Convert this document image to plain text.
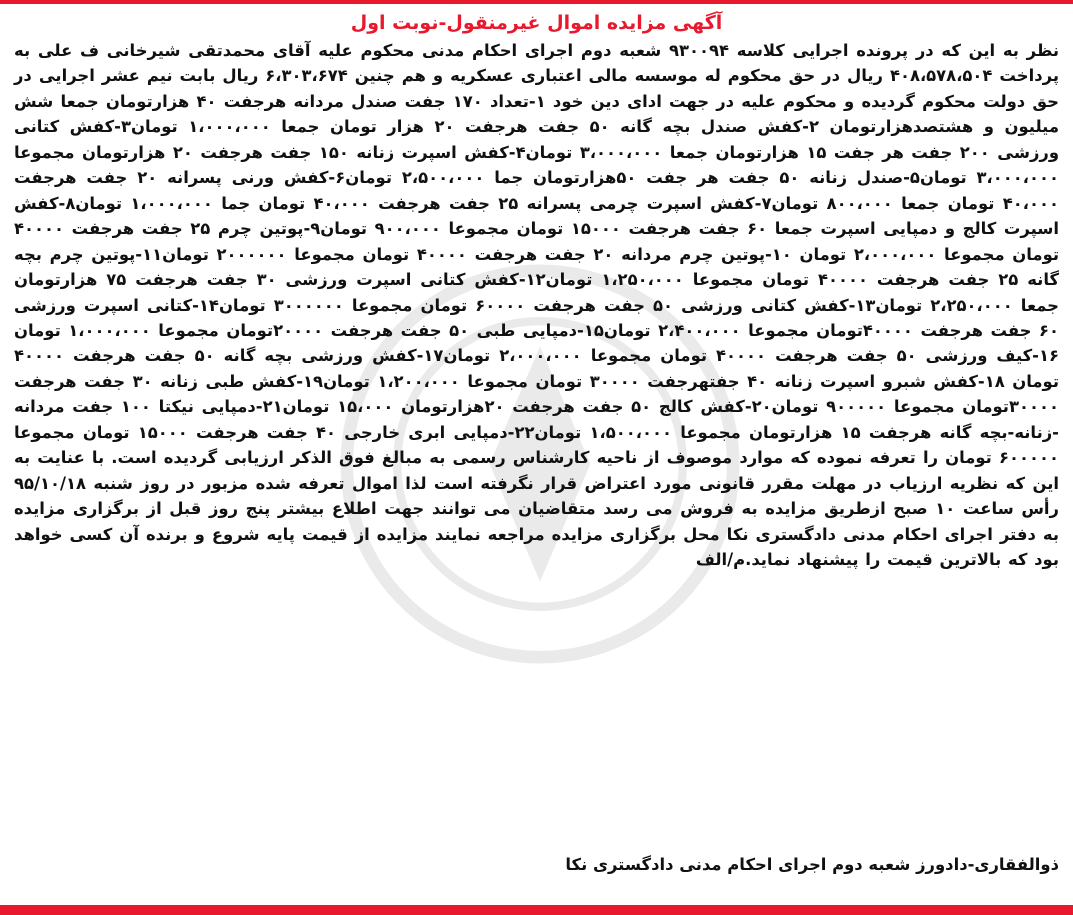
آگهی مزایده اموال غیرمنقول-نوبت اول

نظر به این که در پرونده اجرایی کلاسه ۹۳۰۰۹۴ شعبه دوم اجرای احکام مدنی محکوم علیه آقای محمدتقی شیرخانی ف علی به پرداخت ۴۰۸،۵۷۸،۵۰۴ ریال در حق محکوم له موسسه مالی اعتباری عسکریه و هم چنین ۶،۳۰۳،۶۷۴ ریال بابت نیم عشر اجرایی در حق دولت محکوم گردیده و محکوم علیه در جهت ادای دین خود ۱-تعداد ۱۷۰ جفت صندل مردانه هرجفت ۴۰ هزارتومان جمعا شش میلیون و هشتصدهزارتومان ۲-کفش صندل بچه گانه ۵۰ جفت هرجفت ۲۰ هزار تومان جمعا ۱،۰۰۰،۰۰۰ تومان۳-کفش کتانی ورزشی ۲۰۰ جفت هر جفت ۱۵ هزارتومان جمعا ۳،۰۰۰،۰۰۰ تومان۴-کفش اسپرت زنانه ۱۵۰ جفت هرجفت ۲۰ هزارتومان مجموعا ۳،۰۰۰،۰۰۰ تومان۵-صندل زنانه ۵۰ جفت هر جفت ۵۰هزارتومان جما ۲،۵۰۰،۰۰۰ تومان۶-کفش ورنی پسرانه ۲۰ جفت هرجفت ۴۰،۰۰۰ تومان جمعا ۸۰۰،۰۰۰ تومان۷-کفش اسپرت چرمی پسرانه ۲۵ جفت هرجفت ۴۰،۰۰۰ تومان جما ۱،۰۰۰،۰۰۰ تومان۸-کفش اسپرت کالج و دمپایی اسپرت جمعا ۶۰ جفت هرجفت ۱۵۰۰۰ تومان مجموعا ۹۰۰،۰۰۰ تومان۹-پوتین چرم ۲۵ جفت هرجفت ۴۰۰۰۰ تومان مجموعا ۲،۰۰۰،۰۰۰ تومان ۱۰-پوتین چرم مردانه ۲۰ جفت هرجفت ۴۰۰۰۰ تومان مجموعا ۲۰۰۰۰۰۰ تومان۱۱-پوتین چرم بچه گانه ۲۵ جفت هرجفت ۴۰۰۰۰ تومان مجموعا ۱،۲۵۰،۰۰۰ تومان۱۲-کفش کتانی اسپرت ورزشی ۳۰ جفت هرجفت ۷۵ هزارتومان جمعا ۲،۲۵۰،۰۰۰ تومان۱۳-کفش کتانی ورزشی ۵۰ جفت هرجفت ۶۰۰۰۰ تومان مجموعا ۳۰۰۰۰۰۰ تومان۱۴-کتانی اسپرت ورزشی ۶۰ جفت هرجفت ۴۰۰۰۰تومان مجموعا ۲،۴۰۰،۰۰۰ تومان۱۵-دمپایی طبی ۵۰ جفت هرجفت ۲۰۰۰۰تومان مجموعا ۱،۰۰۰،۰۰۰ تومان ۱۶-کیف ورزشی ۵۰ جفت هرجفت ۴۰۰۰۰ تومان مجموعا ۲،۰۰۰،۰۰۰ تومان۱۷-کفش ورزشی بچه گانه ۵۰ جفت هرجفت ۴۰۰۰۰ تومان ۱۸-کفش شبرو اسپرت زنانه ۴۰ جفتهرجفت ۳۰۰۰۰ تومان مجموعا ۱،۲۰۰،۰۰۰ تومان۱۹-کفش طبی زنانه ۳۰ جفت هرجفت ۳۰۰۰۰تومان مجموعا ۹۰۰۰۰۰ تومان۲۰-کفش کالج ۵۰ جفت هرجفت ۲۰هزارتومان ۱۵،۰۰۰ تومان۲۱-دمپایی نیکتا ۱۰۰ جفت مردانه -زنانه-بچه گانه هرجفت ۱۵ هزارتومان مجموعا ۱،۵۰۰،۰۰۰ تومان۲۲-دمپایی ابری خارجی ۴۰ جفت هرجفت ۱۵۰۰۰ تومان مجموعا ۶۰۰۰۰۰ تومان را تعرفه نموده که موارد موصوف از ناحیه کارشناس رسمی به مبالغ فوق الذکر ارزیابی گردیده است. با عنایت به این که نظریه ارزیاب در مهلت مقرر قانونی مورد اعتراض قرار نگرفته است لذا اموال تعرفه شده مزبور در روز شنبه ۹۵/۱۰/۱۸ رأس ساعت ۱۰ صبح ازطریق مزایده به فروش می رسد متقاضیان می توانند جهت اطلاع بیشتر پنج روز قبل از برگزاری مزایده به دفتر اجرای احکام مدنی دادگستری نکا محل برگزاری مزایده مراجعه نمایند مزایده از قیمت پایه شروع و برنده آن کسی خواهد بود که بالاترین قیمت را پیشنهاد نماید.م/الف

ذوالفقاری-دادورز شعبه دوم اجرای احکام مدنی دادگستری نکا
